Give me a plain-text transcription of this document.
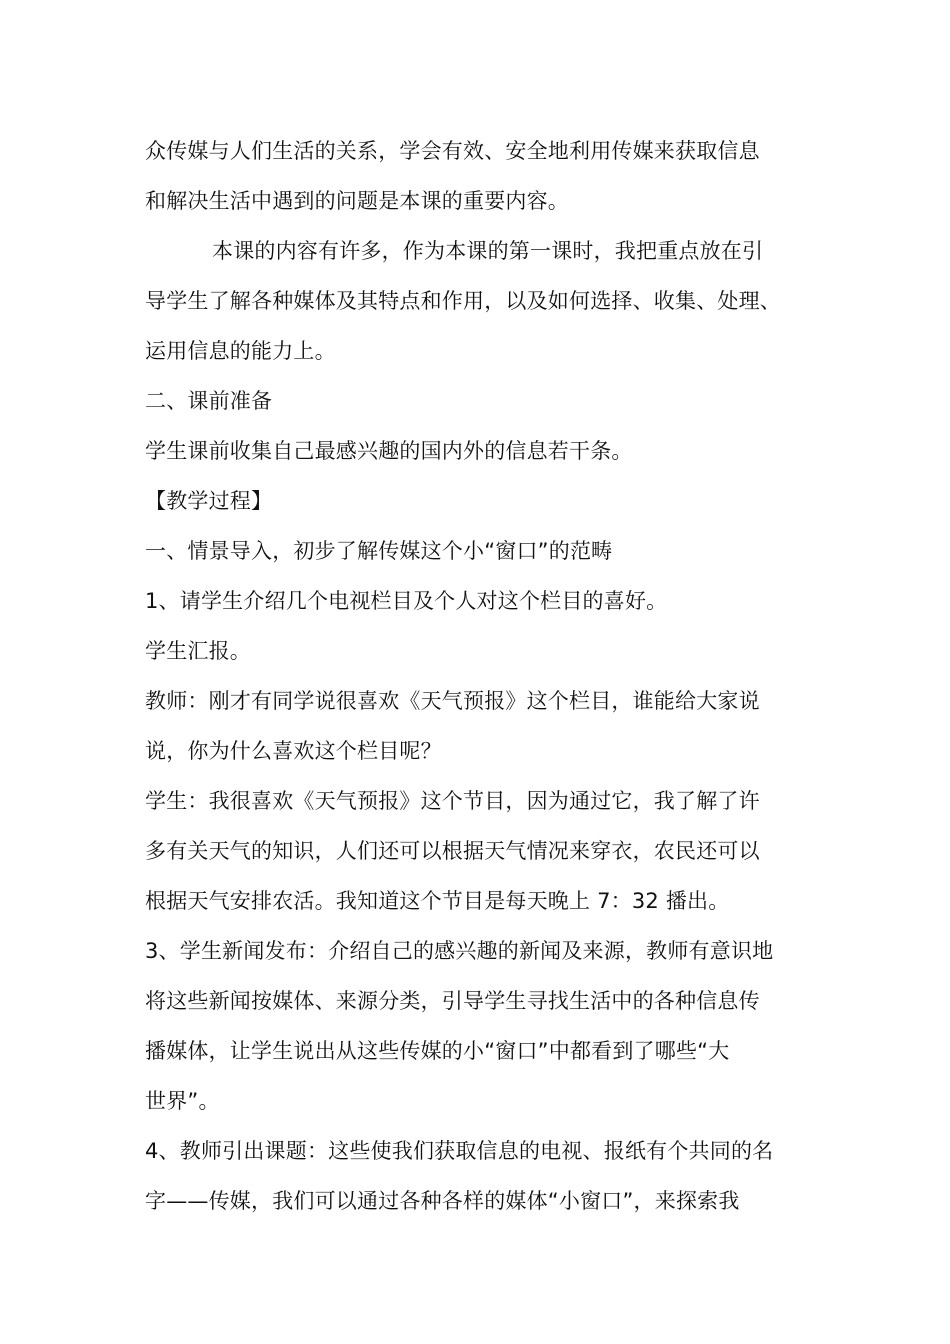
众传媒与人们生活的关系，学会有效、安全地利用传媒来获取信息
和解决生活中遇到的问题是本课的重要内容。
本课的内容有许多，作为本课的第一课时，我把重点放在引
导学生了解各种媒体及其特点和作用，以及如何选择、收集、处理、
运用信息的能力上。
二、课前准备
学生课前收集自己最感兴趣的国内外的信息若干条。
【教学过程】
一、情景导入，初步了解传媒这个小“窗口”的范畴
1、请学生介绍几个电视栏目及个人对这个栏目的喜好。
学生汇报。
教师：刚才有同学说很喜欢《天气预报》这个栏目，谁能给大家说
说，你为什么喜欢这个栏目呢？
学生：我很喜欢《天气预报》这个节目，因为通过它，我了解了许
多有关天气的知识，人们还可以根据天气情况来穿衣，农民还可以
根据天气安排农活。我知道这个节目是每天晚上 7：32 播出。
3、学生新闻发布：介绍自己的感兴趣的新闻及来源，教师有意识地
将这些新闻按媒体、来源分类，引导学生寻找生活中的各种信息传
播媒体，让学生说出从这些传媒的小“窗口”中都看到了哪些“大
世界”。
4、教师引出课题：这些使我们获取信息的电视、报纸有个共同的名
字——传媒，我们可以通过各种各样的媒体“小窗口”，来探索我
